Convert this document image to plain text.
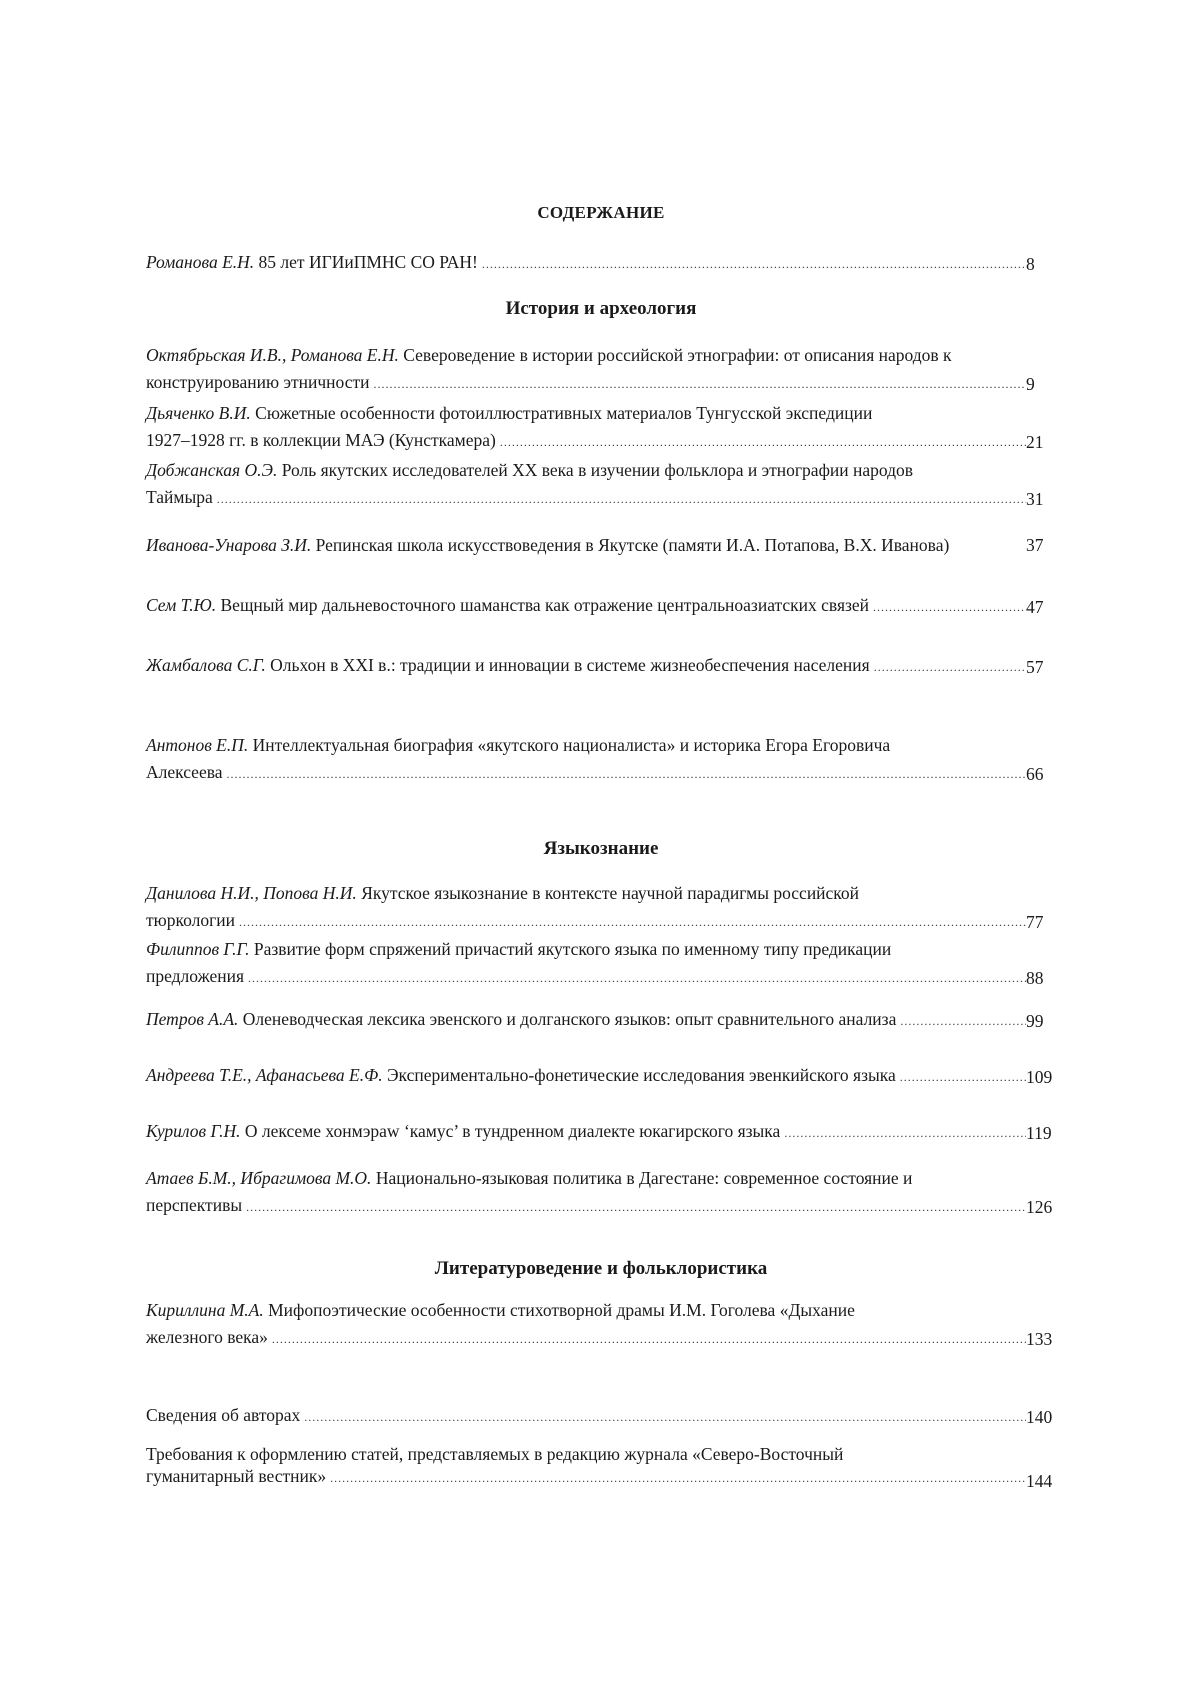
СОДЕРЖАНИЕ
Романова Е.Н. 85 лет ИГИиПМНС СО РАН! .....	8
История и археология
Октябрьская И.В., Романова Е.Н. Североведение в истории российской этнографии: от описания народов к
конструированию этничности .....	9
Дьяченко В.И. Сюжетные особенности фотоиллюстративных материалов Тунгусской экспедиции
1927–1928 гг. в коллекции МАЭ (Кунсткамера) .....	21
Добжанская О.Э. Роль якутских исследователей XX века в изучении фольклора и этнографии народов
Таймыра .....	31
Иванова-Унарова З.И. Репинская школа искусствоведения в Якутске (памяти И.А. Потапова, В.Х. Иванова)	37
Сем Т.Ю. Вещный мир дальневосточного шаманства как отражение центральноазиатских связей .....	47
Жамбалова С.Г. Ольхон в XXI в.: традиции и инновации в системе жизнеобеспечения населения .....	57
Антонов Е.П. Интеллектуальная биография «якутского националиста» и историка Егора Егоровича
Алексеева .....	66
Языкознание
Данилова Н.И., Попова Н.И. Якутское языкознание в контексте научной парадигмы российской
тюркологии .....	77
Филиппов Г.Г. Развитие форм спряжений причастий якутского языка по именному типу предикации
предложения .....	88
Петров А.А. Оленеводческая лексика эвенского и долганского языков: опыт сравнительного анализа .....	99
Андреева Т.Е., Афанасьева Е.Ф. Экспериментально-фонетические исследования эвенкийского языка .....	109
Курилов Г.Н. О лексеме хонмэраw ‘камус’ в тундренном диалекте юкагирского языка .....	119
Атаев Б.М., Ибрагимова М.О. Национально-языковая политика в Дагестане: современное состояние и
перспективы .....	126
Литературоведение и фольклористика
Кириллина М.А. Мифопоэтические особенности стихотворной драмы И.М. Гоголева «Дыхание
железного века» .....	133
Сведения об авторах .....	140
Требования к оформлению статей, представляемых в редакцию журнала «Северо-Восточный
гуманитарный вестник» .....	144
